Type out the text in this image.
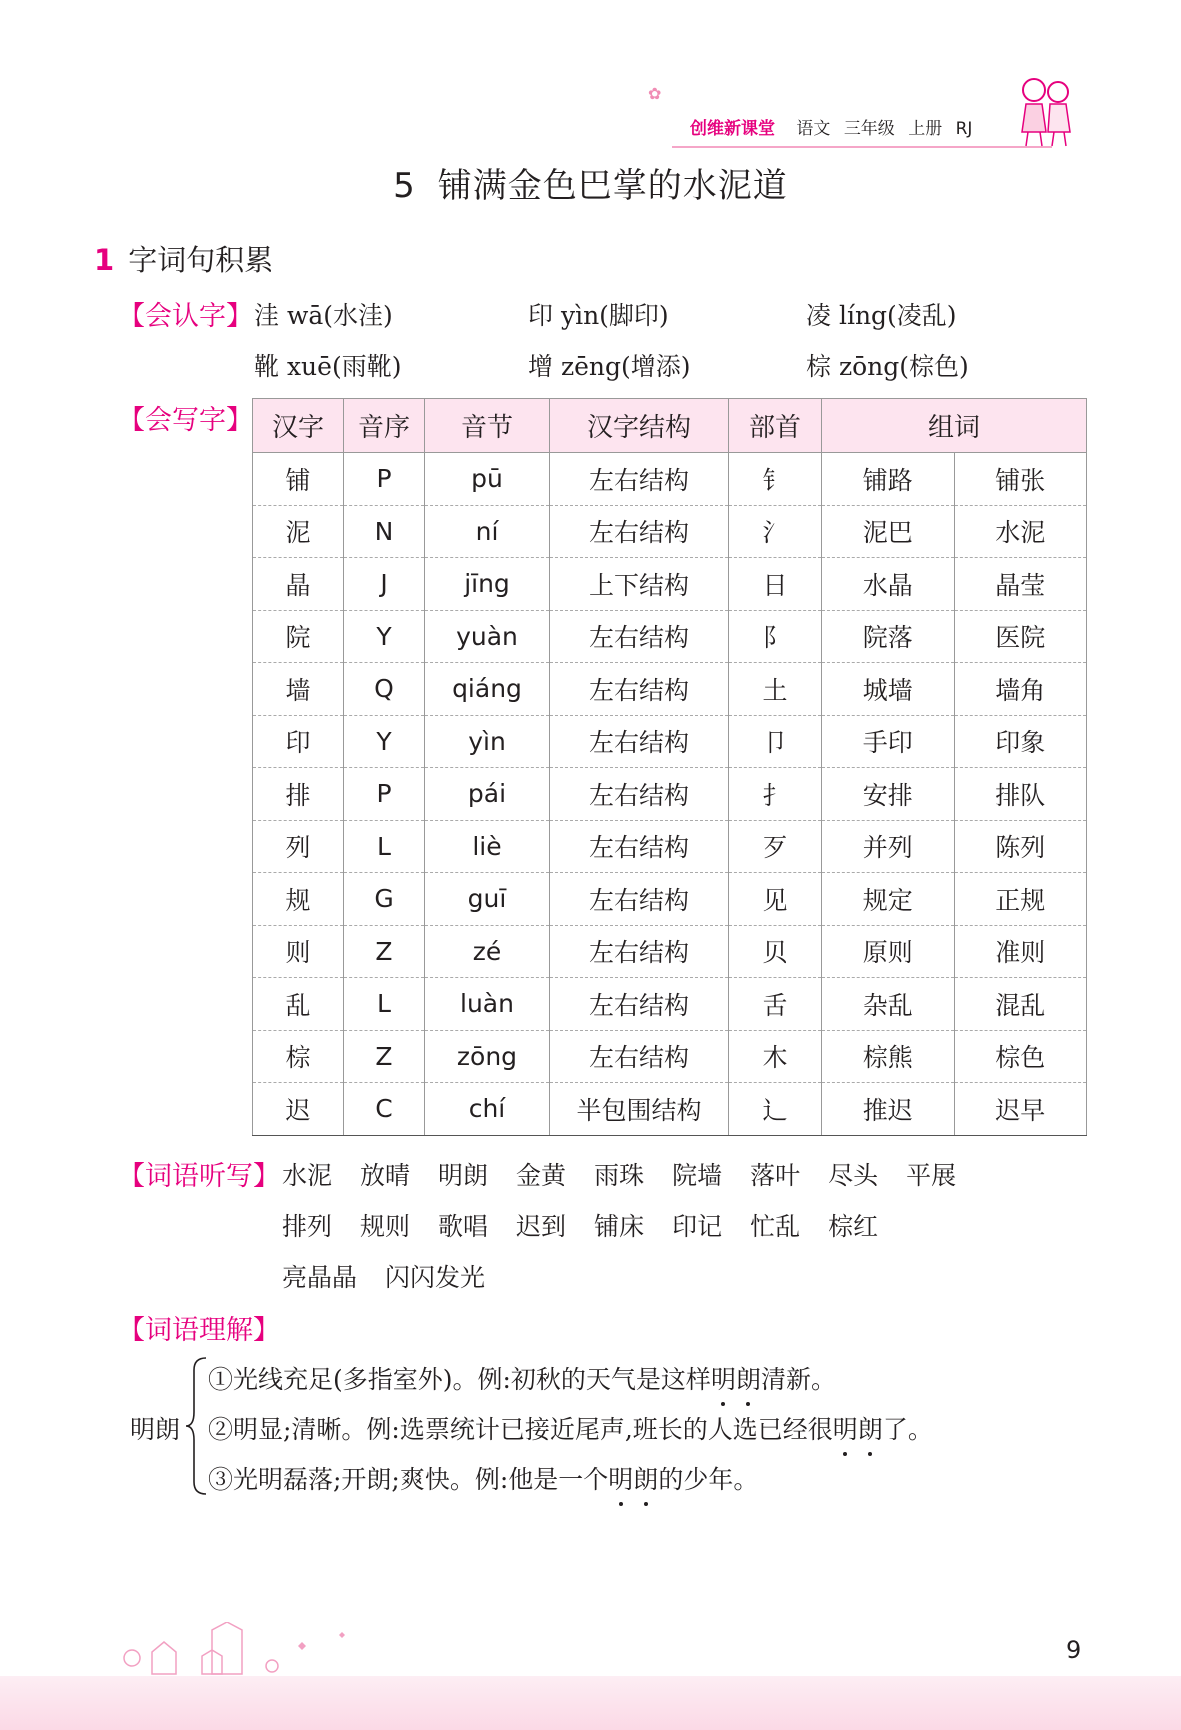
✿
创维新课堂 语文 三年级 上册 RJ
5 铺满金色巴掌的水泥道
1 字词句积累
【会认字】 洼 wā(水洼)	印 yìn(脚印)	凌 líng(凌乱)
靴 xuē(雨靴)	增 zēng(增添)	棕 zōng(棕色)
【会写字】 汉字	音序	音节	汉字结构	部首	组词	
铺	P	pū	左右结构	钅	铺路	铺张
泥	N	ní	左右结构	氵	泥巴	水泥
晶	J	jīng	上下结构	日	水晶	晶莹
院	Y	yuàn	左右结构	阝	院落	医院
墙	Q	qiáng	左右结构	土	城墙	墙角
印	Y	yìn	左右结构	卩	手印	印象
排	P	pái	左右结构	扌	安排	排队
列	L	liè	左右结构	歹	并列	陈列
规	G	guī	左右结构	见	规定	正规
则	Z	zé	左右结构	贝	原则	准则
乱	L	luàn	左右结构	舌	杂乱	混乱
棕	Z	zōng	左右结构	木	棕熊	棕色
迟	C	chí	半包围结构	辶	推迟	迟早
【词语听写】 水泥 放晴 明朗 金黄 雨珠 院墙 落叶 尽头 平展
排列 规则 歌唱 迟到 铺床 印记 忙乱 棕红
亮晶晶 闪闪发光
【词语理解】
明朗
①光线充足(多指室外)。例:初秋的天气是这样明朗清新。
②明显;清晰。例:选票统计已接近尾声,班长的人选已经很明朗了。
③光明磊落;开朗;爽快。例:他是一个明朗的少年。
9
